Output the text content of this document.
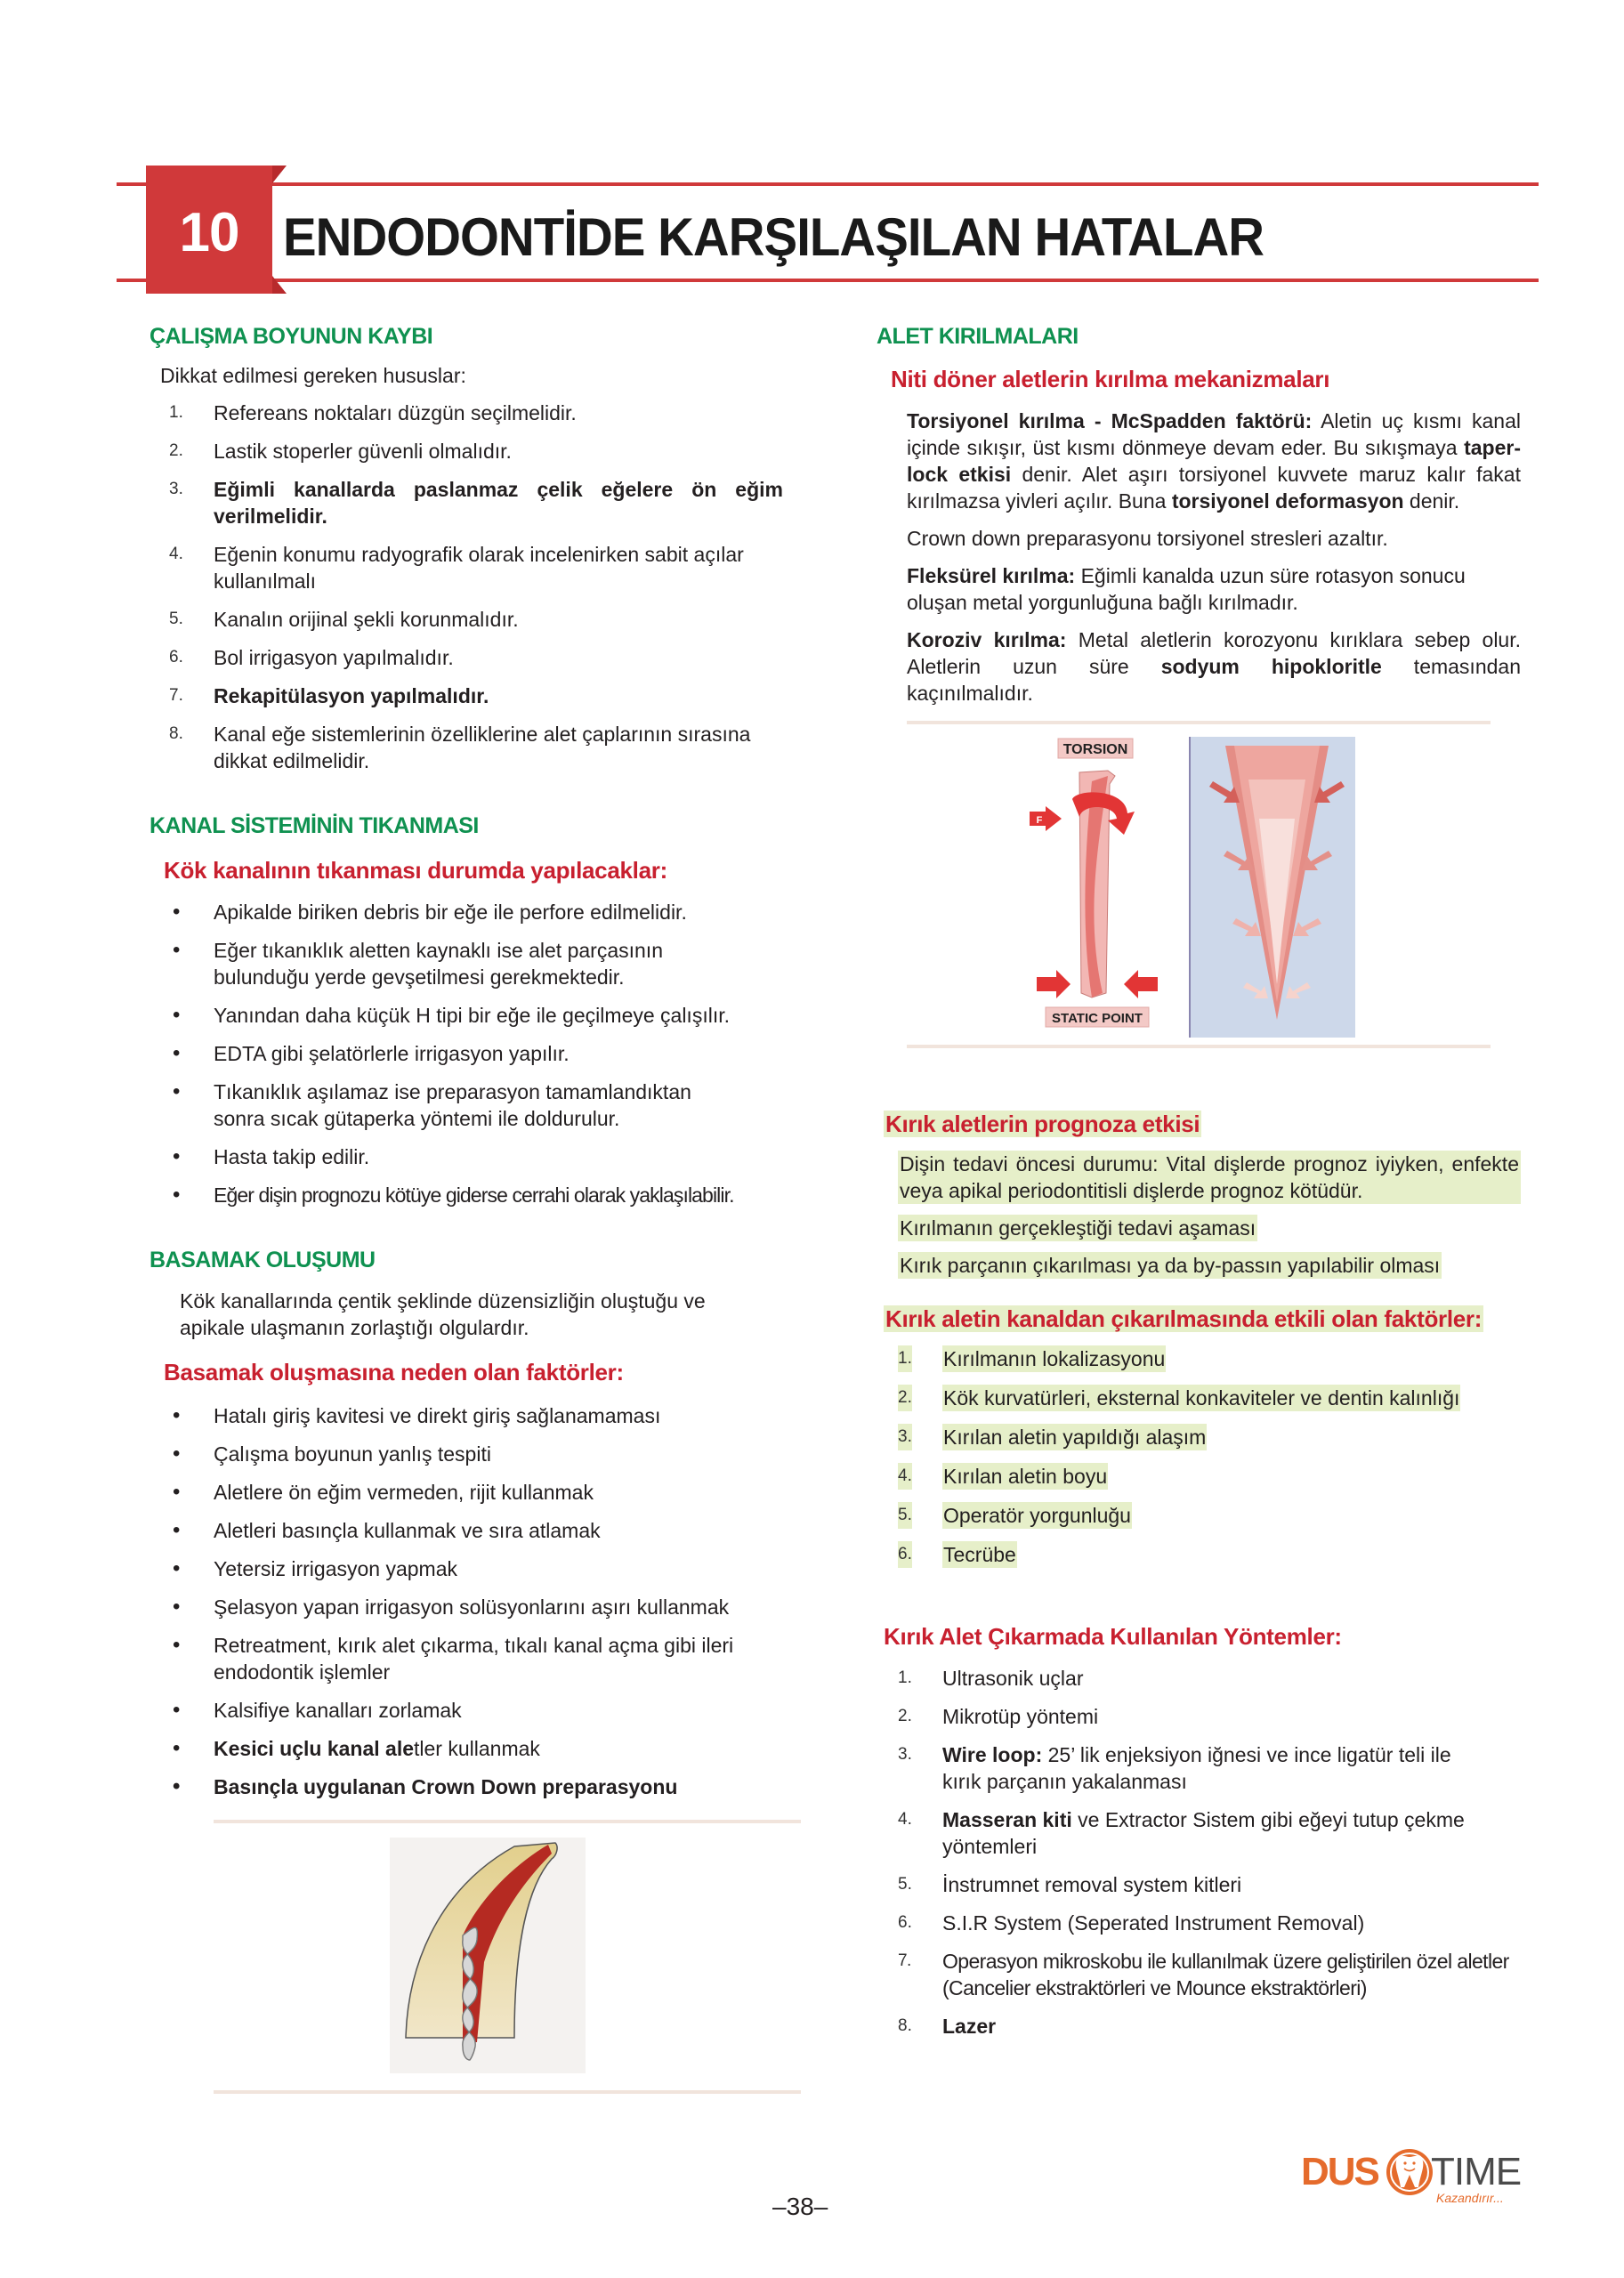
10 ENDODONTİDE KARŞILAŞILAN HATALAR
ÇALIŞMA BOYUNUN KAYBI
Dikkat edilmesi gereken hususlar:
1. Refereans noktaları düzgün seçilmelidir.
2. Lastik stoperler güvenli olmalıdır.
3. Eğimli kanallarda paslanmaz çelik eğelere ön eğim verilmelidir.
4. Eğenin konumu radyografik olarak incelenirken sabit açılar kullanılmalı
5. Kanalın orijinal şekli korunmalıdır.
6. Bol irrigasyon yapılmalıdır.
7. Rekapitülasyon yapılmalıdır.
8. Kanal eğe sistemlerinin özelliklerine alet çaplarının sırasına dikkat edilmelidir.
KANAL SİSTEMİNİN TIKANMASI
Kök kanalının tıkanması durumda yapılacaklar:
• Apikalde biriken debris bir eğe ile perfore edilmelidir.
• Eğer tıkanıklık aletten kaynaklı ise alet parçasının bulunduğu yerde gevşetilmesi gerekmektedir.
• Yanından daha küçük H tipi bir eğe ile geçilmeye çalışılır.
• EDTA gibi şelatörlerle irrigasyon yapılır.
• Tıkanıklık aşılamaz ise preparasyon tamamlandıktan sonra sıcak gütaperka yöntemi ile doldurulur.
• Hasta takip edilir.
• Eğer dişin prognozu kötüye giderse cerrahi olarak yaklaşılabilir.
BASAMAK OLUŞUMU
Kök kanallarında çentik şeklinde düzensizliğin oluştuğu ve apikale ulaşmanın zorlaştığı olgulardır.
Basamak oluşmasına neden olan faktörler:
• Hatalı giriş kavitesi ve direkt giriş sağlanamaması
• Çalışma boyunun yanlış tespiti
• Aletlere ön eğim vermeden, rijit kullanmak
• Aletleri basınçla kullanmak ve sıra atlamak
• Yetersiz irrigasyon yapmak
• Şelasyon yapan irrigasyon solüsyonlarını aşırı kullanmak
• Retreatment, kırık alet çıkarma, tıkalı kanal açma gibi ileri endodontik işlemler
• Kalsifiye kanalları zorlamak
• Kesici uçlu kanal aletler kullanmak
• Basınçla uygulanan Crown Down preparasyonu
ALET KIRILMALARI
Niti döner aletlerin kırılma mekanizmaları

Torsiyonel kırılma - McSpadden faktörü: Aletin uç kısmı kanal içinde sıkışır, üst kısmı dönmeye devam eder. Bu sıkışmaya taper-lock etkisi denir. Alet aşırı torsiyonel kuvvete maruz kalır fakat kırılmazsa yivleri açılır. Buna torsiyonel deformasyon denir.

Crown down preparasyonu torsiyonel stresleri azaltır.

Fleksürel kırılma: Eğimli kanalda uzun süre rotasyon sonucu oluşan metal yorgunluğuna bağlı kırılmadır.

Koroziv kırılma: Metal aletlerin korozyonu kırıklara sebep olur. Aletlerin uzun süre sodyum hipokloritle temasından kaçınılmalıdır.

TORSION
F
STATIC POINT
Kırık aletlerin prognoza etkisi

Dişin tedavi öncesi durumu: Vital dişlerde prognoz iyiyken, enfekte veya apikal periodontitisli dişlerde prognoz kötüdür.

Kırılmanın gerçekleştiği tedavi aşaması

Kırık parçanın çıkarılması ya da by-passın yapılabilir olması

Kırık aletin kanaldan çıkarılmasında etkili olan faktörler:
1. Kırılmanın lokalizasyonu
2. Kök kurvatürleri, eksternal konkaviteler ve dentin kalınlığı
3. Kırılan aletin yapıldığı alaşım
4. Kırılan aletin boyu
5. Operatör yorgunluğu
6. Tecrübe
Kırık Alet Çıkarmada Kullanılan Yöntemler:
1. Ultrasonik uçlar
2. Mikrotüp yöntemi
3. Wire loop: 25’ lik enjeksiyon iğnesi ve ince ligatür teli ile kırık parçanın yakalanması
4. Masseran kiti ve Extractor Sistem gibi eğeyi tutup çekme yöntemleri
5. İnstrumnet removal system kitleri
6. S.I.R System (Seperated Instrument Removal)
7. Operasyon mikroskobu ile kullanılmak üzere geliştirilen özel aletler (Cancelier ekstraktörleri ve Mounce ekstraktörleri)
8. Lazer
–38–
DUS TIME
Kazandırır...
